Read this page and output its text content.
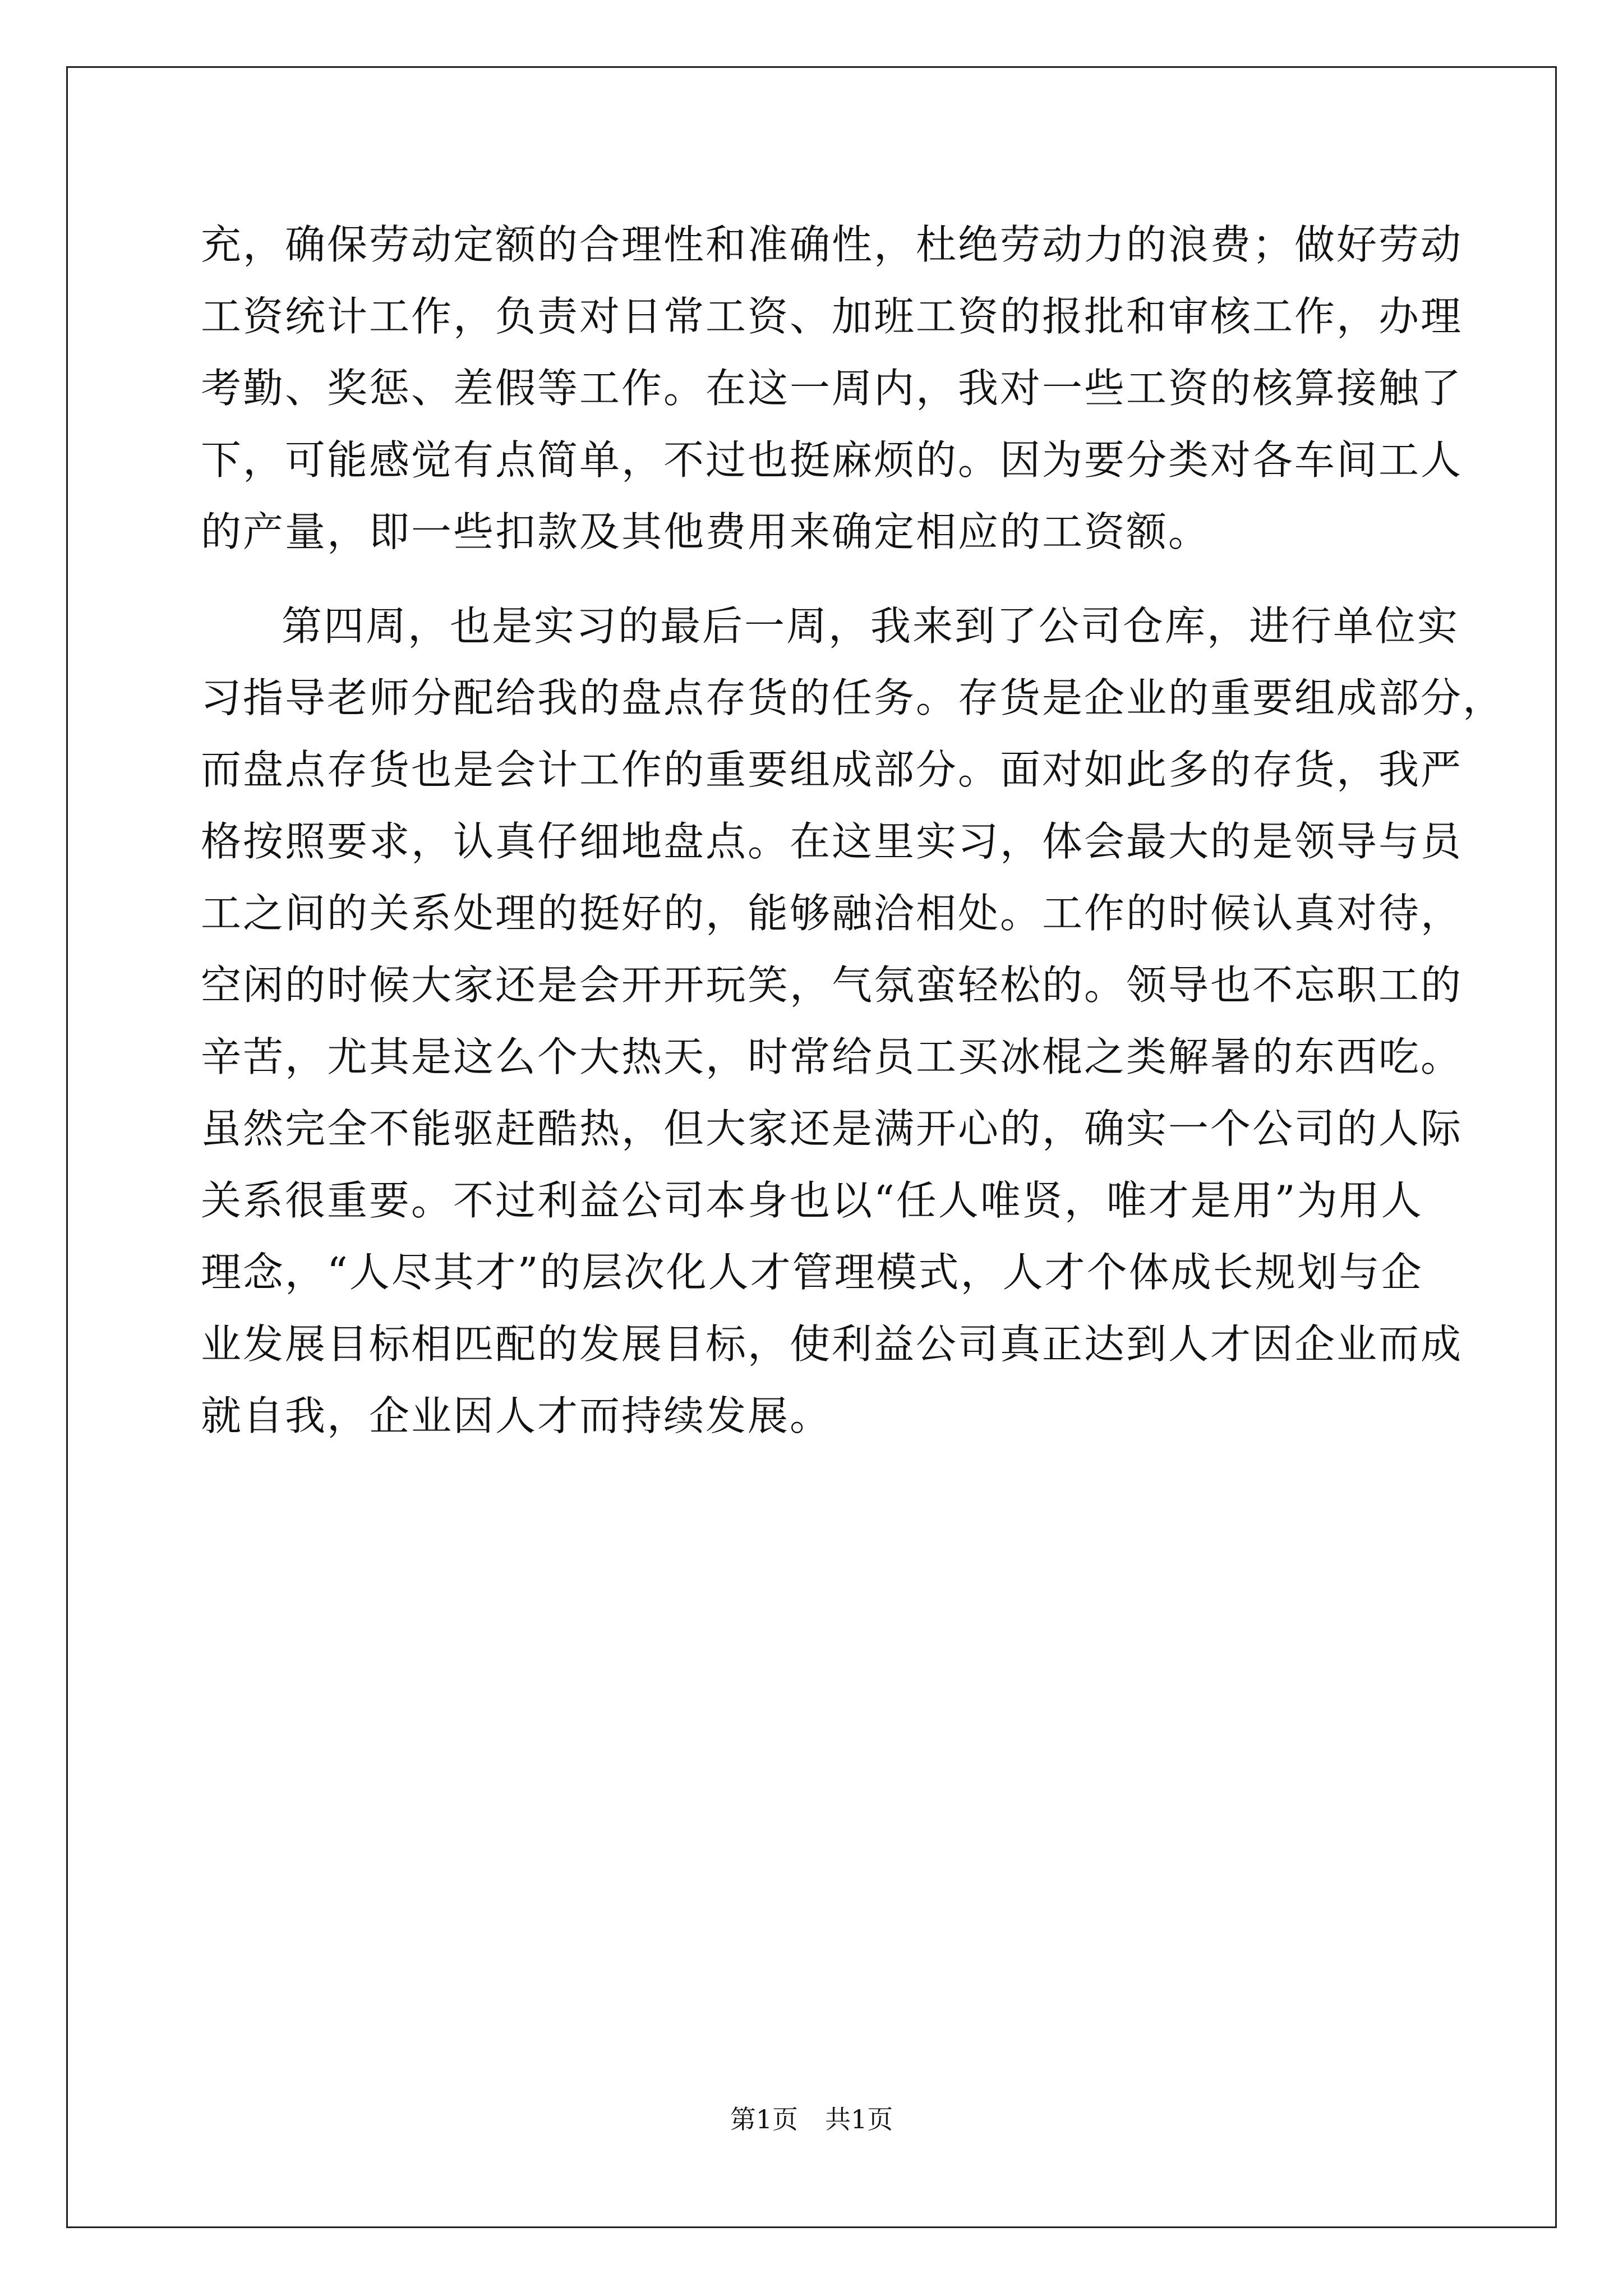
充，确保劳动定额的合理性和准确性，杜绝劳动力的浪费；做好劳动
工资统计工作，负责对日常工资、加班工资的报批和审核工作，办理
考勤、奖惩、差假等工作。在这一周内，我对一些工资的核算接触了
下，可能感觉有点简单，不过也挺麻烦的。因为要分类对各车间工人
的产量，即一些扣款及其他费用来确定相应的工资额。
第四周，也是实习的最后一周，我来到了公司仓库，进行单位实
习指导老师分配给我的盘点存货的任务。存货是企业的重要组成部分，
而盘点存货也是会计工作的重要组成部分。面对如此多的存货，我严
格按照要求，认真仔细地盘点。在这里实习，体会最大的是领导与员
工之间的关系处理的挺好的，能够融洽相处。工作的时候认真对待，
空闲的时候大家还是会开开玩笑，气氛蛮轻松的。领导也不忘职工的
辛苦，尤其是这么个大热天，时常给员工买冰棍之类解暑的东西吃。
虽然完全不能驱赶酷热，但大家还是满开心的，确实一个公司的人际
关系很重要。不过利益公司本身也以“任人唯贤，唯才是用”为用人
理念，“人尽其才”的层次化人才管理模式，人才个体成长规划与企
业发展目标相匹配的发展目标，使利益公司真正达到人才因企业而成
就自我，企业因人才而持续发展。
第1页 共1页
